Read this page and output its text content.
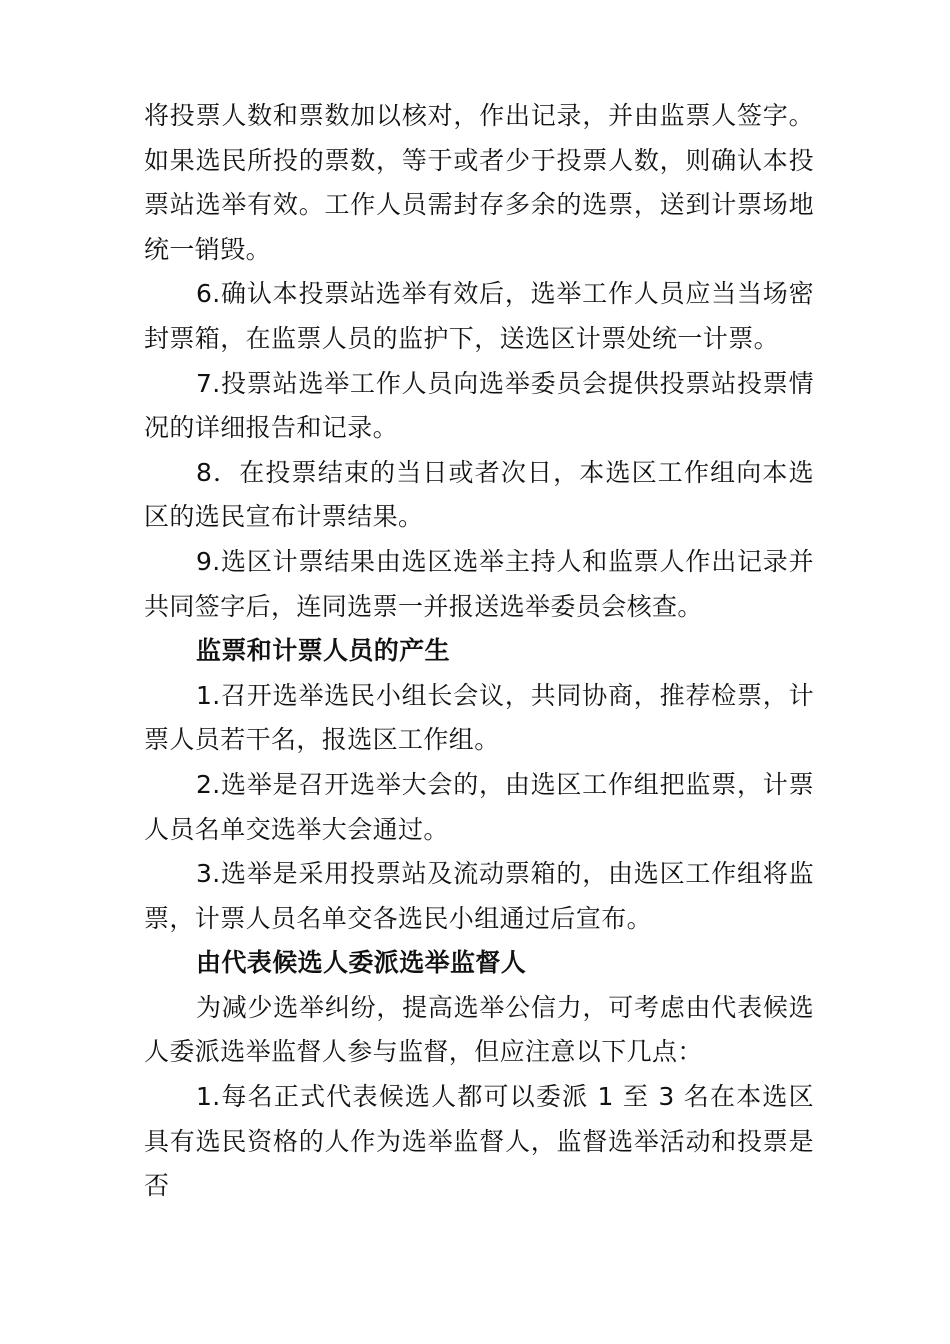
将投票人数和票数加以核对，作出记录，并由监票人签字。如果选民所投的票数，等于或者少于投票人数，则确认本投票站选举有效。工作人员需封存多余的选票，送到计票场地统一销毁。

6.确认本投票站选举有效后，选举工作人员应当当场密封票箱，在监票人员的监护下，送选区计票处统一计票。

7.投票站选举工作人员向选举委员会提供投票站投票情况的详细报告和记录。

8．在投票结束的当日或者次日，本选区工作组向本选区的选民宣布计票结果。

9.选区计票结果由选区选举主持人和监票人作出记录并共同签字后，连同选票一并报送选举委员会核查。

监票和计票人员的产生

1.召开选举选民小组长会议，共同协商，推荐检票，计票人员若干名，报选区工作组。

2.选举是召开选举大会的，由选区工作组把监票，计票人员名单交选举大会通过。

3.选举是采用投票站及流动票箱的，由选区工作组将监票，计票人员名单交各选民小组通过后宣布。

由代表候选人委派选举监督人

为减少选举纠纷，提高选举公信力，可考虑由代表候选人委派选举监督人参与监督，但应注意以下几点：

1.每名正式代表候选人都可以委派 1 至 3 名在本选区具有选民资格的人作为选举监督人，监督选举活动和投票是否
